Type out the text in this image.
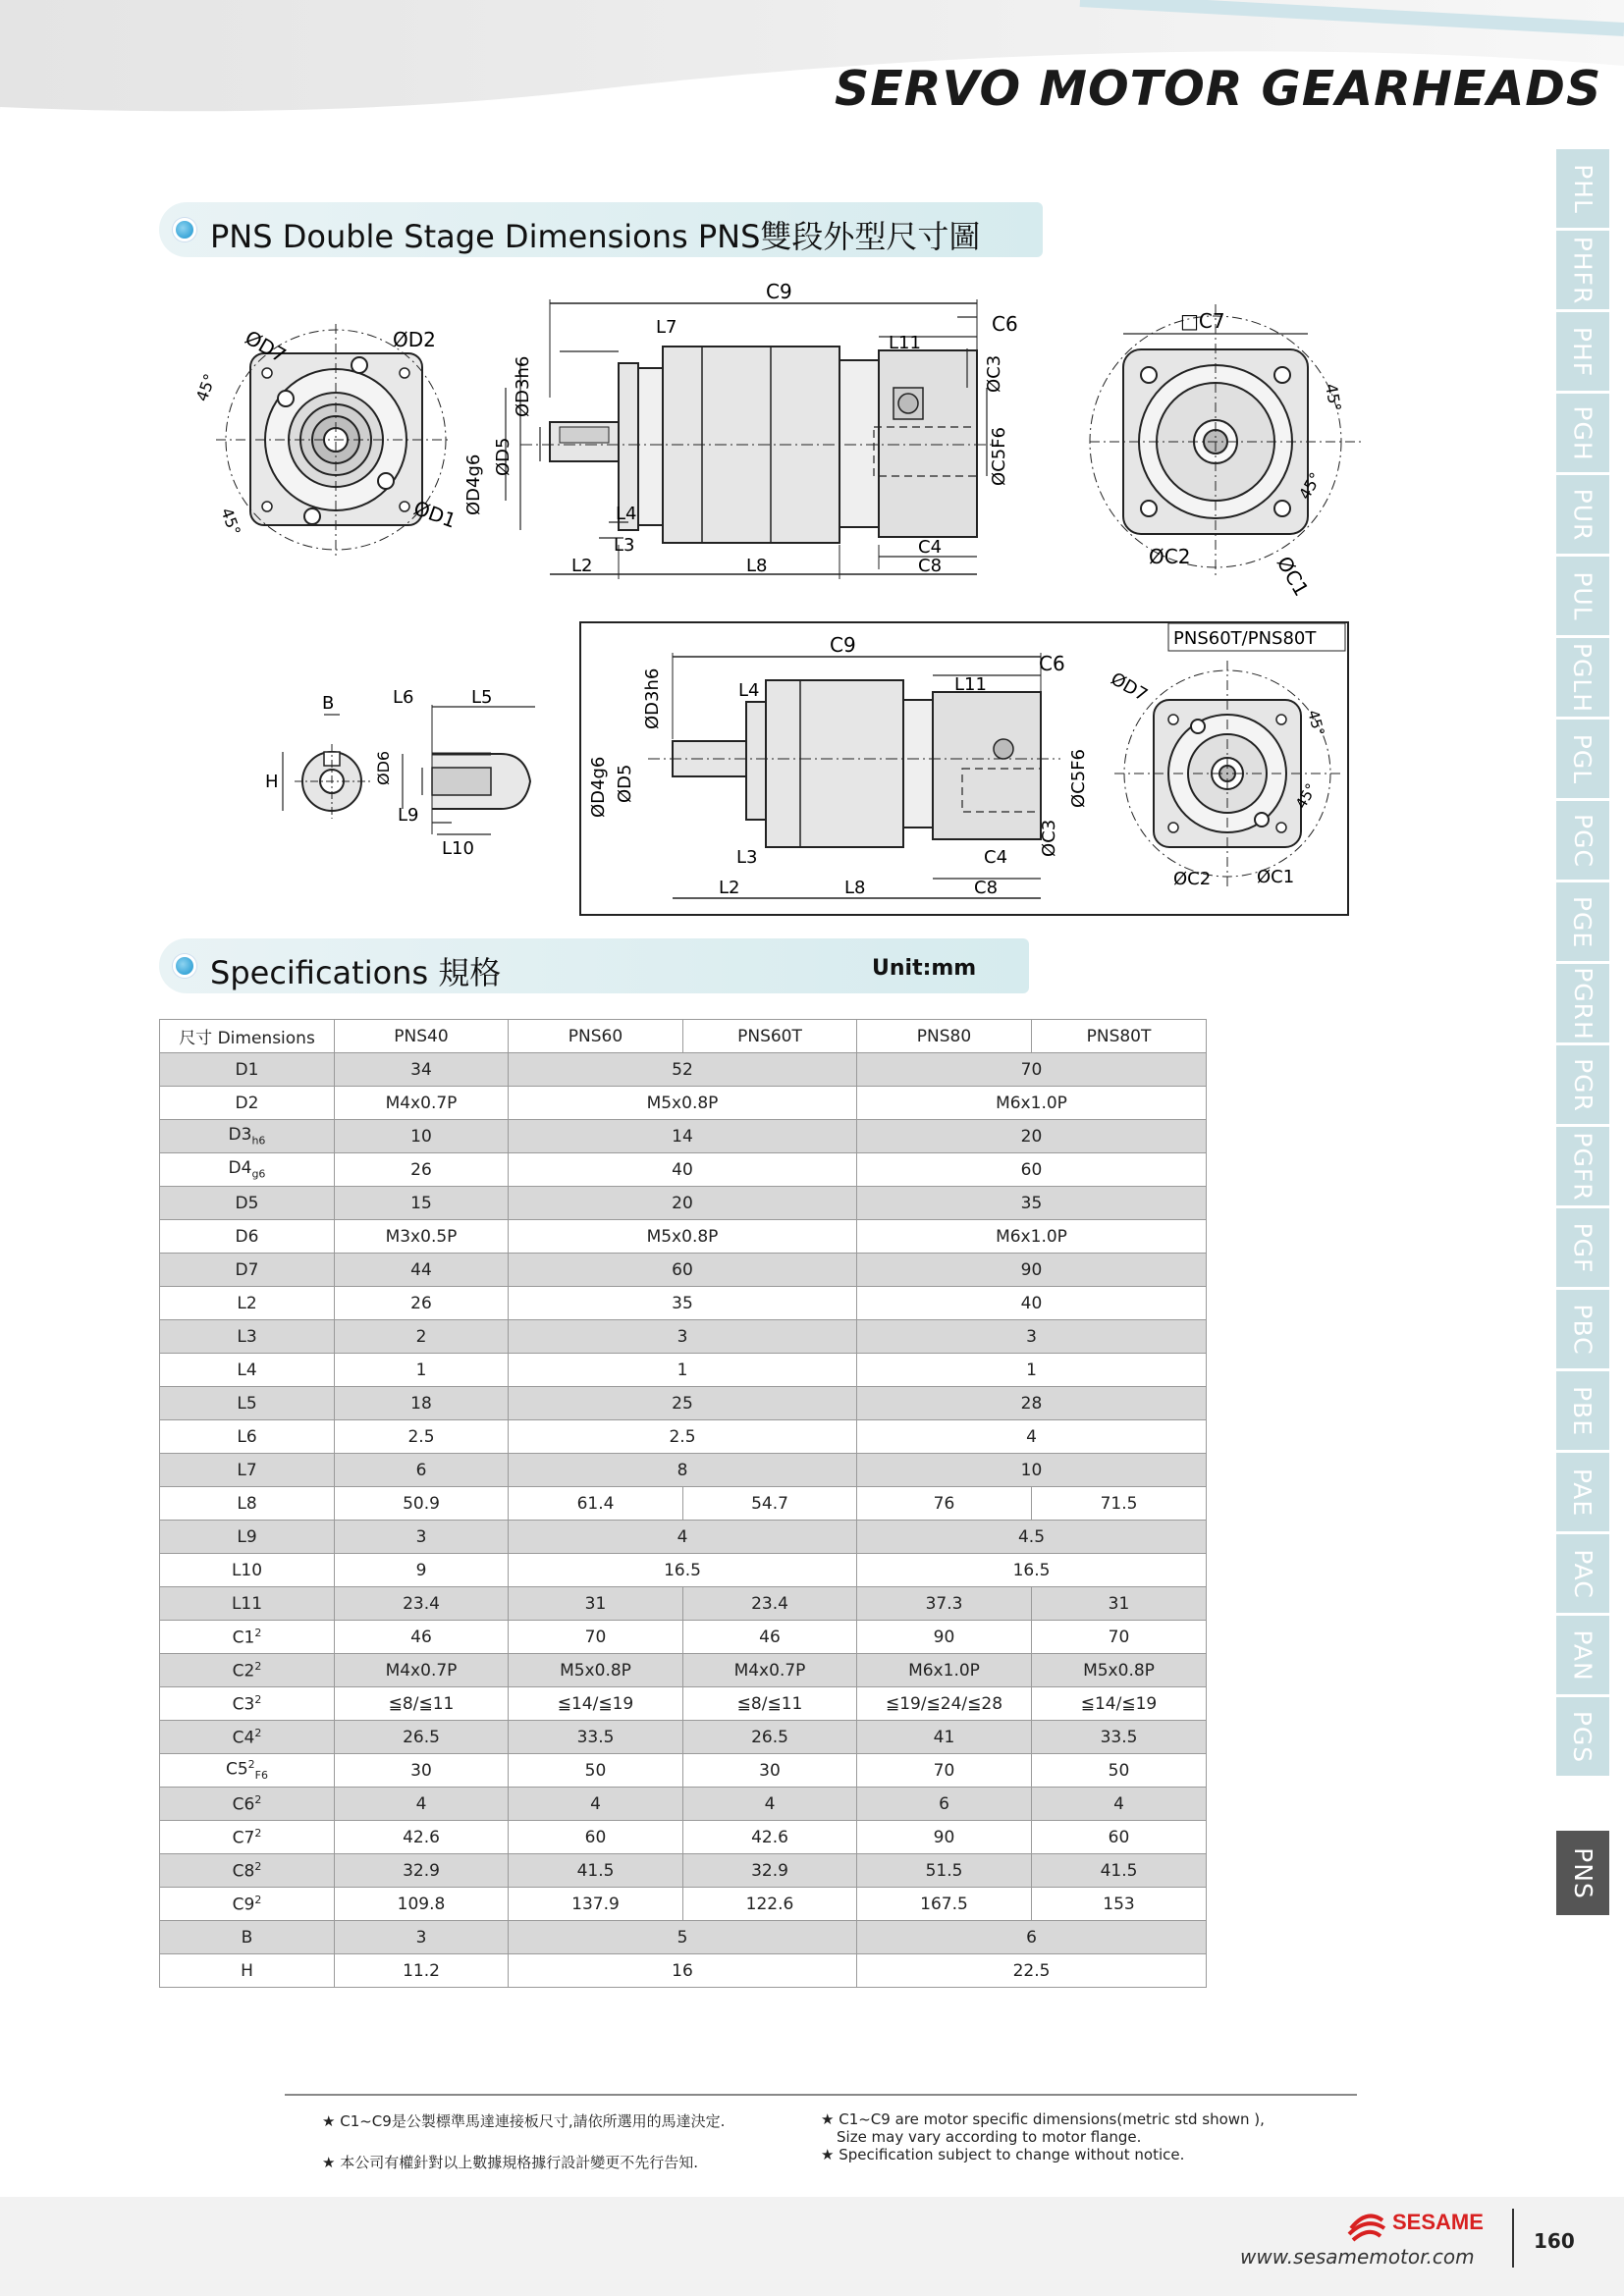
SERVO MOTOR GEARHEADS
PNS Double Stage Dimensions PNS雙段外型尺寸圖
ØD7	ØD2
ØD1
45°
45°
C9
L7	C6
L11
ØC3
ØC5F6
ØD3h6
ØD4g6 ØD5
L4
L3	C4
L2	L8	C8
□C7
ØC2	ØC1
45°
45°
B
H
L6	L5
ØD6
L9
L10
PNS60T/PNS80T
C9
C6
L11
L4
ØD3h6
ØD4g6 ØD5	ØC5F6
ØC3
L3	C4
L2	L8	C8
ØD7
ØC2	ØC1
45°
45°
Specifications 規格	Unit:mm
尺寸 Dimensions	PNS40	PNS60	PNS60T	PNS80	PNS80T
D1	34	52		70	
D2	M4x0.7P	M5x0.8P		M6x1.0P	
$D3_{h6}$	10	14		20	
$D4_{g6}$	26	40		60	
D5	15	20		35	
D6	M3x0.5P	M5x0.8P		M6x1.0P	
D7	44	60		90	
L2	26	35		40	
L3	2	3		3	
L4	1	1		1	
L5	18	25		28	
L6	2.5	2.5		4	
L7	6	8		10	
L8	50.9	61.4	54.7	76	71.5
L9	3	4		4.5	
L10	9	16.5		16.5	
L11	23.4	31	23.4	37.3	31
$C1^2$	46	70	46	90	70
$C2^2$	M4x0.7P	M5x0.8P	M4x0.7P	M6x1.0P	M5x0.8P
$C3^2$	≦8/≦11	≦14/≦19	≦8/≦11	≦19/≦24/≦28	≦14/≦19
$C4^2$	26.5	33.5	26.5	41	33.5
$C5^2_{F6}$	30	50	30	70	50
$C6^2$	4	4	4	6	4
$C7^2$	42.6	60	42.6	90	60
$C8^2$	32.9	41.5	32.9	51.5	41.5
$C9^2$	109.8	137.9	122.6	167.5	153
B	3	5		6	
H	11.2	16		22.5	
PHL
PHFR
PHF
PGH
PUR
PUL
PGLH
PGL
PGC
PGE
PGRH
PGR
PGFR
PGF
PBC
PBE
PAE
PAC
PAN
PGS
PNS
★ C1~C9是公製標準馬達連接板尺寸,請依所選用的馬達決定.
★ 本公司有權針對以上數據規格據行設計變更不先行告知.
★ C1~C9 are motor specific dimensions(metric std shown ),
Size may vary according to motor flange.
★ Specification subject to change without notice.
SESAME
www.sesamemotor.com
160
